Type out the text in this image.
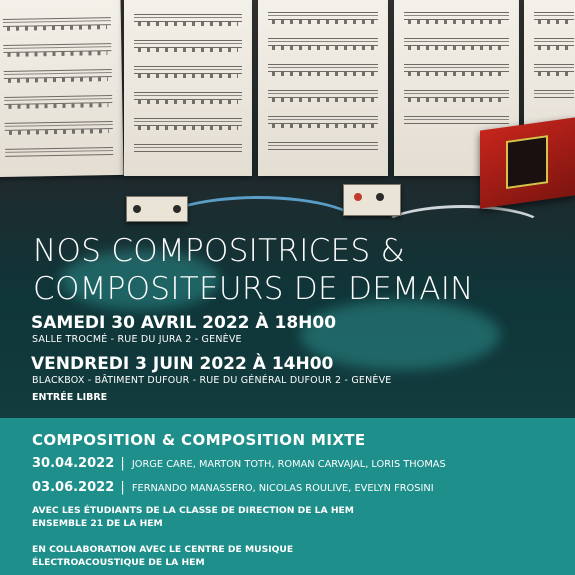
NOS COMPOSITRICES &
COMPOSITEURS DE DEMAIN
SAMEDI 30 AVRIL 2022 À 18H00
SALLE TROCMÉ - RUE DU JURA 2 - GENÈVE
VENDREDI 3 JUIN 2022 À 14H00
BLACKBOX - BÂTIMENT DUFOUR - RUE DU GÉNÉRAL DUFOUR 2 - GENÈVE
ENTRÉE LIBRE
COMPOSITION & COMPOSITION MIXTE
30.04.2022 | JORGE CARE, MARTON TOTH, ROMAN CARVAJAL, LORIS THOMAS
03.06.2022 | FERNANDO MANASSERO, NICOLAS ROULIVE, EVELYN FROSINI
AVEC LES ÉTUDIANTS DE LA CLASSE DE DIRECTION DE LA HEM
ENSEMBLE 21 DE LA HEM
EN COLLABORATION AVEC LE CENTRE DE MUSIQUE
ÉLECTROACOUSTIQUE DE LA HEM
